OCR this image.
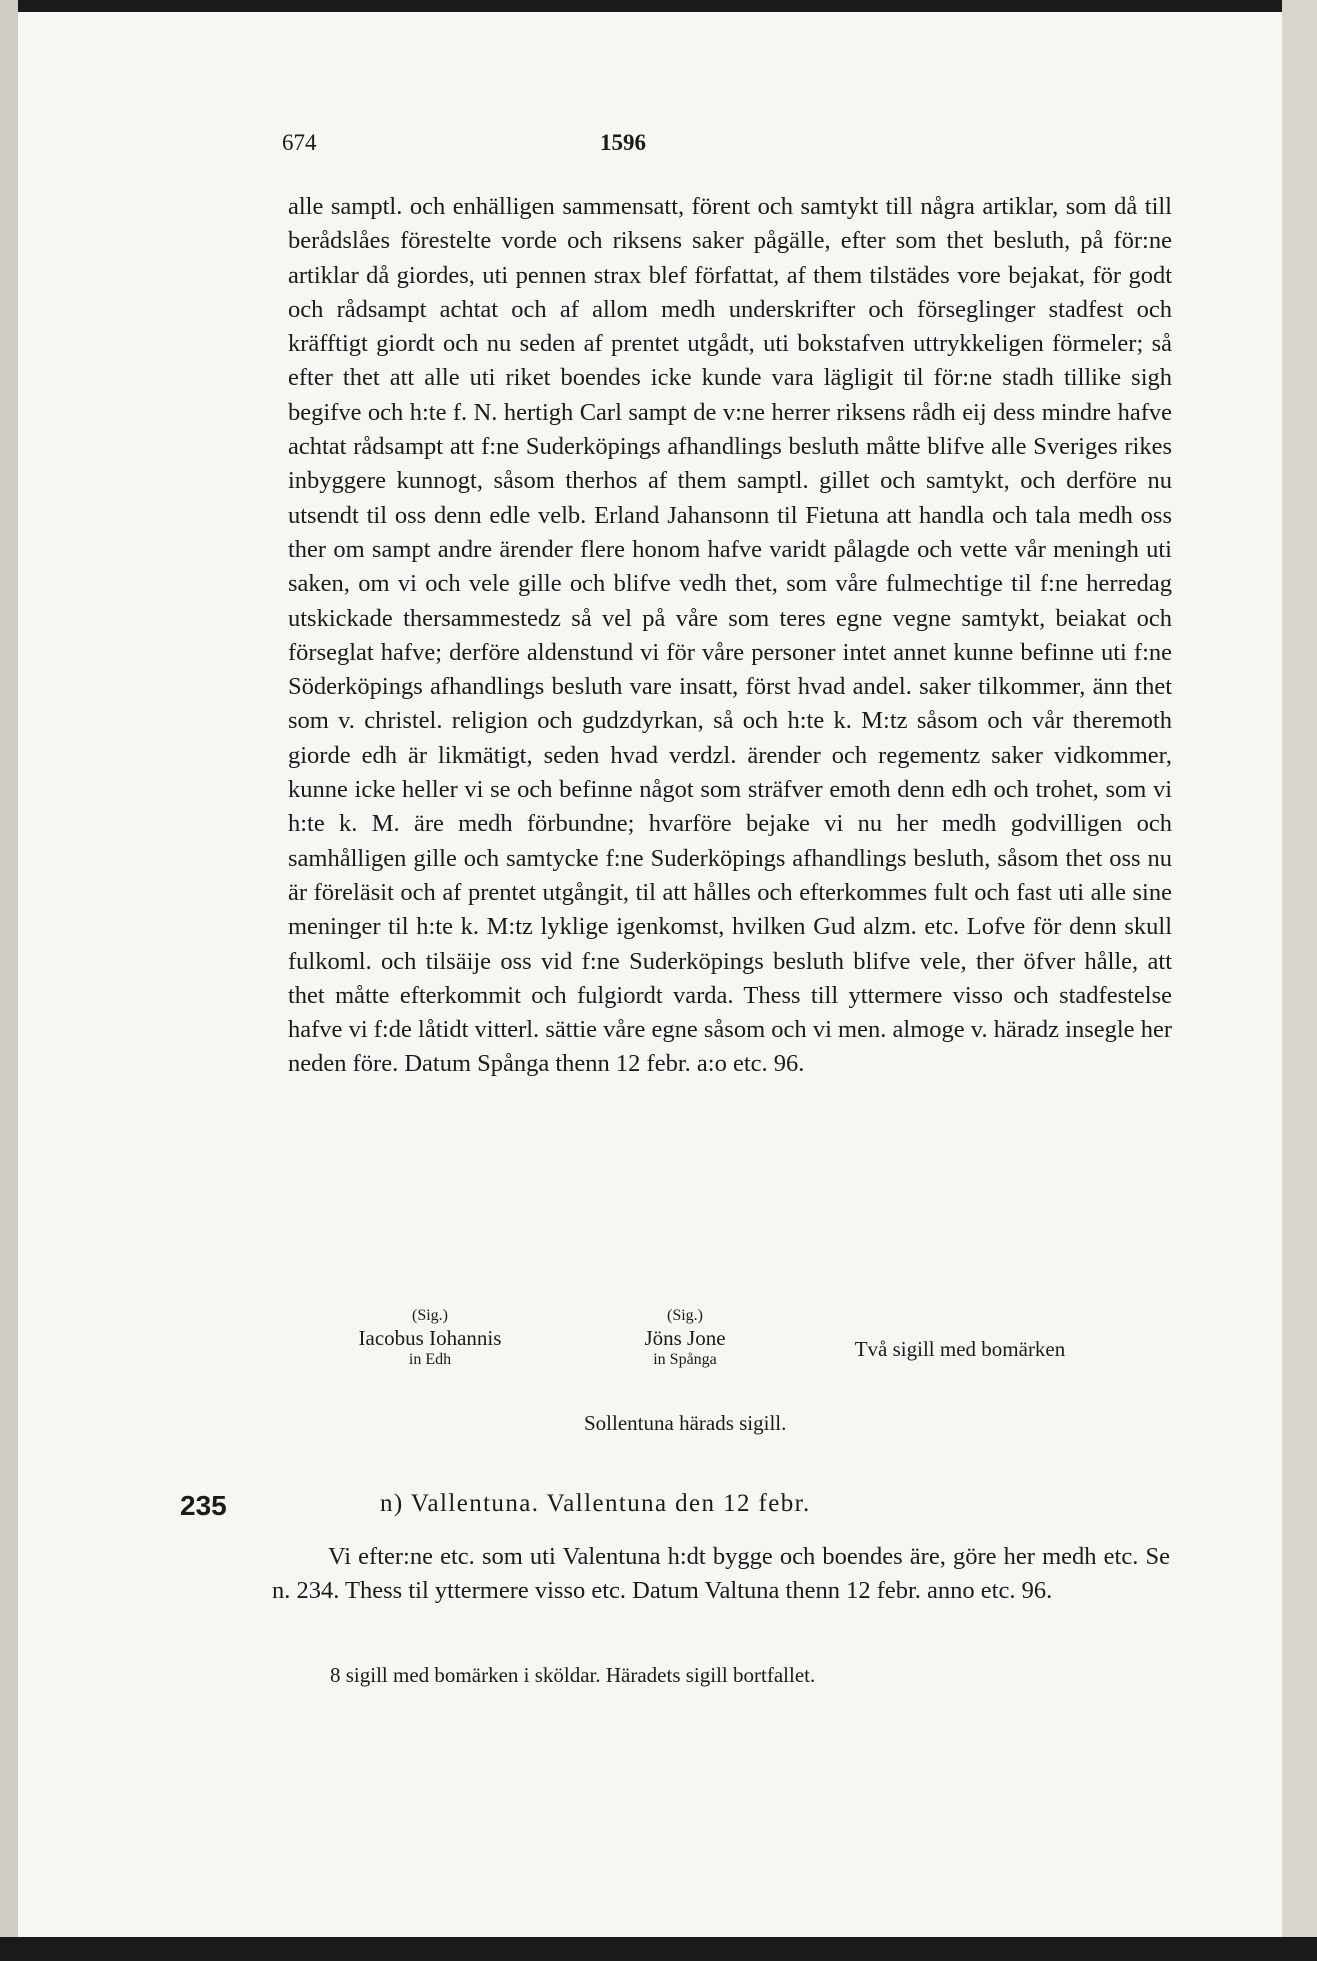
674	1596

alle samptl. och enhälligen sammensatt, förent och samtykt till några artiklar, som då till berådslåes förestelte vorde och riksens saker pågälle, efter som thet besluth, på för:ne artiklar då giordes, uti pennen strax blef författat, af them tilstädes vore bejakat, för godt och rådsampt achtat och af allom medh underskrifter och förseglinger stadfest och kräfftigt giordt och nu seden af prentet utgådt, uti bokstafven uttrykkeligen förmeler; så efter thet att alle uti riket boendes icke kunde vara lägligit til för:ne stadh tillike sigh begifve och h:te f. N. hertigh Carl sampt de v:ne herrer riksens rådh eij dess mindre hafve achtat rådsampt att f:ne Suderköpings afhandlings besluth måtte blifve alle Sveriges rikes inbyggere kunnogt, såsom therhos af them samptl. gillet och samtykt, och derföre nu utsendt til oss denn edle velb. Erland Jahansonn til Fietuna att handla och tala medh oss ther om sampt andre ärender flere honom hafve varidt pålagde och vette vår meningh uti saken, om vi och vele gille och blifve vedh thet, som våre fulmechtige til f:ne herredag utskickade thersammestedz så vel på våre som teres egne vegne samtykt, beiakat och förseglat hafve; derföre aldenstund vi för våre personer intet annet kunne befinne uti f:ne Söderköpings afhandlings besluth vare insatt, först hvad andel. saker tilkommer, änn thet som v. christel. religion och gudzdyrkan, så och h:te k. M:tz såsom och vår theremoth giorde edh är likmätigt, seden hvad verdzl. ärender och regementz saker vidkommer, kunne icke heller vi se och befinne något som sträfver emoth denn edh och trohet, som vi h:te k. M. äre medh förbundne; hvarföre bejake vi nu her medh godvilligen och samhålligen gille och samtycke f:ne Suderköpings afhandlings besluth, såsom thet oss nu är föreläsit och af prentet utgångit, til att hålles och efterkommes fult och fast uti alle sine meninger til h:te k. M:tz lyklige igenkomst, hvilken Gud alzm. etc. Lofve för denn skull fulkoml. och tilsäije oss vid f:ne Suderköpings besluth blifve vele, ther öfver hålle, att thet måtte efterkommit och fulgiordt varda. Thess till yttermere visso och stadfestelse hafve vi f:de låtidt vitterl. sättie våre egne såsom och vi men. almoge v. häradz insegle her neden före. Datum Spånga thenn 12 febr. a:o etc. 96.

(Sig.)
Iacobus Iohannis
in Edh
(Sig.)
Jöns Jone
in Spånga	Två sigill med bomärken
Sollentuna härads sigill.
235	n) Vallentuna. Vallentuna den 12 febr.

Vi efter:ne etc. som uti Valentuna h:dt bygge och boendes äre, göre her medh etc. Se n. 234. Thess til yttermere visso etc. Datum Valtuna thenn 12 febr. anno etc. 96.

8 sigill med bomärken i sköldar. Häradets sigill bortfallet.
